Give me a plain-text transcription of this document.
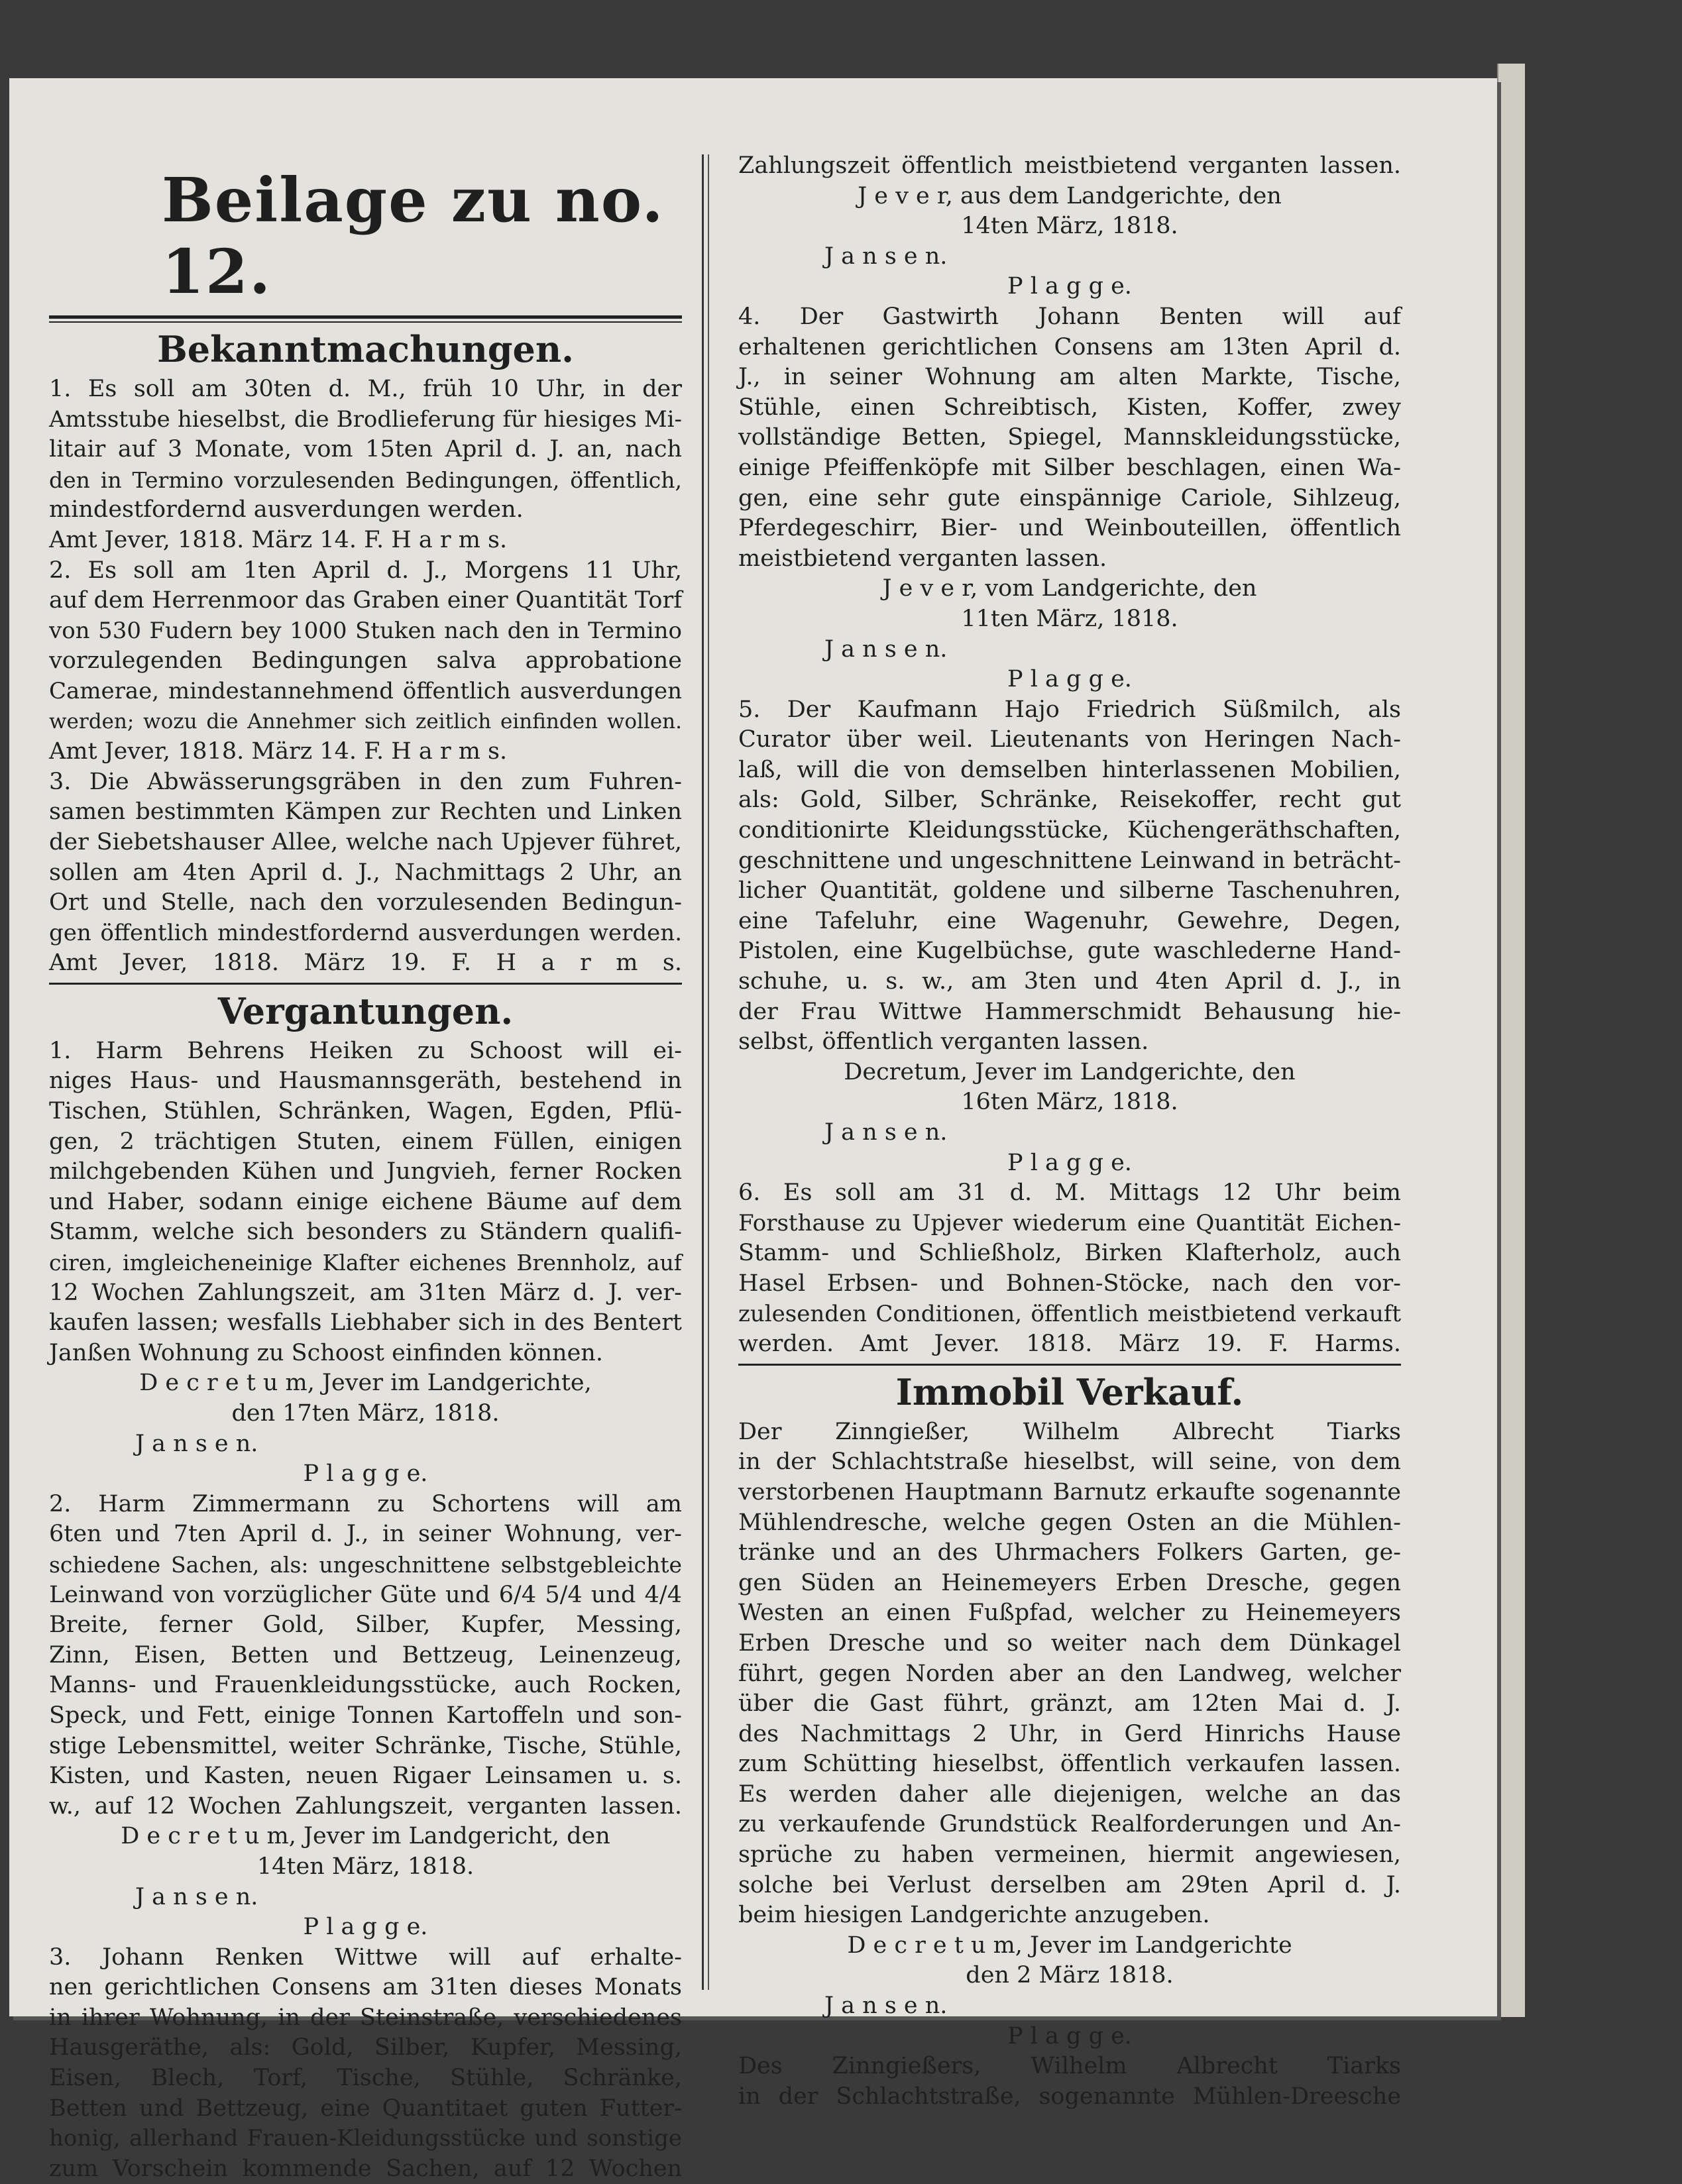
Beilage zu no. 12.
Bekanntmachungen.
1. Es soll am 30ten d. M., früh 10 Uhr, in der
Amtsstube hieselbst, die Brodlieferung für hiesiges Mi-
litair auf 3 Monate, vom 15ten April d. J. an, nach
den in Termino vorzulesenden Bedingungen, öffentlich,
mindestfordernd ausverdungen werden.
Amt Jever, 1818. März 14. F. H a r m s.
2. Es soll am 1ten April d. J., Morgens 11 Uhr,
auf dem Herrenmoor das Graben einer Quantität Torf
von 530 Fudern bey 1000 Stuken nach den in Termino
vorzulegenden Bedingungen salva approbatione
Camerae, mindestannehmend öffentlich ausverdungen
werden; wozu die Annehmer sich zeitlich einfinden wollen.
Amt Jever, 1818. März 14. F. H a r m s.
3. Die Abwässerungsgräben in den zum Fuhren-
samen bestimmten Kämpen zur Rechten und Linken
der Siebetshauser Allee, welche nach Upjever führet,
sollen am 4ten April d. J., Nachmittags 2 Uhr, an
Ort und Stelle, nach den vorzulesenden Bedingun-
gen öffentlich mindestfordernd ausverdungen werden.
Amt Jever, 1818. März 19. F. H a r m s.
Vergantungen.
1. Harm Behrens Heiken zu Schoost will ei-
niges Haus- und Hausmannsgeräth, bestehend in
Tischen, Stühlen, Schränken, Wagen, Egden, Pflü-
gen, 2 trächtigen Stuten, einem Füllen, einigen
milchgebenden Kühen und Jungvieh, ferner Rocken
und Haber, sodann einige eichene Bäume auf dem
Stamm, welche sich besonders zu Ständern qualifi-
ciren, imgleicheneinige Klafter eichenes Brennholz, auf
12 Wochen Zahlungszeit, am 31ten März d. J. ver-
kaufen lassen; wesfalls Liebhaber sich in des Bentert
Janßen Wohnung zu Schoost einfinden können.
D e c r e t u m, Jever im Landgerichte,
den 17ten März, 1818.
J a n s e n.
P l a g g e.
2. Harm Zimmermann zu Schortens will am
6ten und 7ten April d. J., in seiner Wohnung, ver-
schiedene Sachen, als: ungeschnittene selbstgebleichte
Leinwand von vorzüglicher Güte und 6/4 5/4 und 4/4
Breite, ferner Gold, Silber, Kupfer, Messing,
Zinn, Eisen, Betten und Bettzeug, Leinenzeug,
Manns- und Frauenkleidungsstücke, auch Rocken,
Speck, und Fett, einige Tonnen Kartoffeln und son-
stige Lebensmittel, weiter Schränke, Tische, Stühle,
Kisten, und Kasten, neuen Rigaer Leinsamen u. s.
w., auf 12 Wochen Zahlungszeit, verganten lassen.
D e c r e t u m, Jever im Landgericht, den
14ten März, 1818.
J a n s e n.
P l a g g e.
3. Johann Renken Wittwe will auf erhalte-
nen gerichtlichen Consens am 31ten dieses Monats
in ihrer Wohnung, in der Steinstraße, verschiedenes
Hausgeräthe, als: Gold, Silber, Kupfer, Messing,
Eisen, Blech, Torf, Tische, Stühle, Schränke,
Betten und Bettzeug, eine Quantitaet guten Futter-
honig, allerhand Frauen-Kleidungsstücke und sonstige
zum Vorschein kommende Sachen, auf 12 Wochen
Zahlungszeit öffentlich meistbietend verganten lassen.
J e v e r, aus dem Landgerichte, den
14ten März, 1818.
J a n s e n.
P l a g g e.
4. Der Gastwirth Johann Benten will auf
erhaltenen gerichtlichen Consens am 13ten April d.
J., in seiner Wohnung am alten Markte, Tische,
Stühle, einen Schreibtisch, Kisten, Koffer, zwey
vollständige Betten, Spiegel, Mannskleidungsstücke,
einige Pfeiffenköpfe mit Silber beschlagen, einen Wa-
gen, eine sehr gute einspännige Cariole, Sihlzeug,
Pferdegeschirr, Bier- und Weinbouteillen, öffentlich
meistbietend verganten lassen.
J e v e r, vom Landgerichte, den
11ten März, 1818.
J a n s e n.
P l a g g e.
5. Der Kaufmann Hajo Friedrich Süßmilch, als
Curator über weil. Lieutenants von Heringen Nach-
laß, will die von demselben hinterlassenen Mobilien,
als: Gold, Silber, Schränke, Reisekoffer, recht gut
conditionirte Kleidungsstücke, Küchengeräthschaften,
geschnittene und ungeschnittene Leinwand in beträcht-
licher Quantität, goldene und silberne Taschenuhren,
eine Tafeluhr, eine Wagenuhr, Gewehre, Degen,
Pistolen, eine Kugelbüchse, gute waschlederne Hand-
schuhe, u. s. w., am 3ten und 4ten April d. J., in
der Frau Wittwe Hammerschmidt Behausung hie-
selbst, öffentlich verganten lassen.
Decretum, Jever im Landgerichte, den
16ten März, 1818.
J a n s e n.
P l a g g e.
6. Es soll am 31 d. M. Mittags 12 Uhr beim
Forsthause zu Upjever wiederum eine Quantität Eichen-
Stamm- und Schließholz, Birken Klafterholz, auch
Hasel Erbsen- und Bohnen-Stöcke, nach den vor-
zulesenden Conditionen, öffentlich meistbietend verkauft
werden. Amt Jever. 1818. März 19. F. Harms.
Immobil Verkauf.
Der Zinngießer, Wilhelm Albrecht Tiarks
in der Schlachtstraße hieselbst, will seine, von dem
verstorbenen Hauptmann Barnutz erkaufte sogenannte
Mühlendresche, welche gegen Osten an die Mühlen-
tränke und an des Uhrmachers Folkers Garten, ge-
gen Süden an Heinemeyers Erben Dresche, gegen
Westen an einen Fußpfad, welcher zu Heinemeyers
Erben Dresche und so weiter nach dem Dünkagel
führt, gegen Norden aber an den Landweg, welcher
über die Gast führt, gränzt, am 12ten Mai d. J.
des Nachmittags 2 Uhr, in Gerd Hinrichs Hause
zum Schütting hieselbst, öffentlich verkaufen lassen.
Es werden daher alle diejenigen, welche an das
zu verkaufende Grundstück Realforderungen und An-
sprüche zu haben vermeinen, hiermit angewiesen,
solche bei Verlust derselben am 29ten April d. J.
beim hiesigen Landgerichte anzugeben.
D e c r e t u m, Jever im Landgerichte
den 2 März 1818.
J a n s e n.
P l a g g e.
Des Zinngießers, Wilhelm Albrecht Tiarks
in der Schlachtstraße, sogenannte Mühlen-Dreesche
